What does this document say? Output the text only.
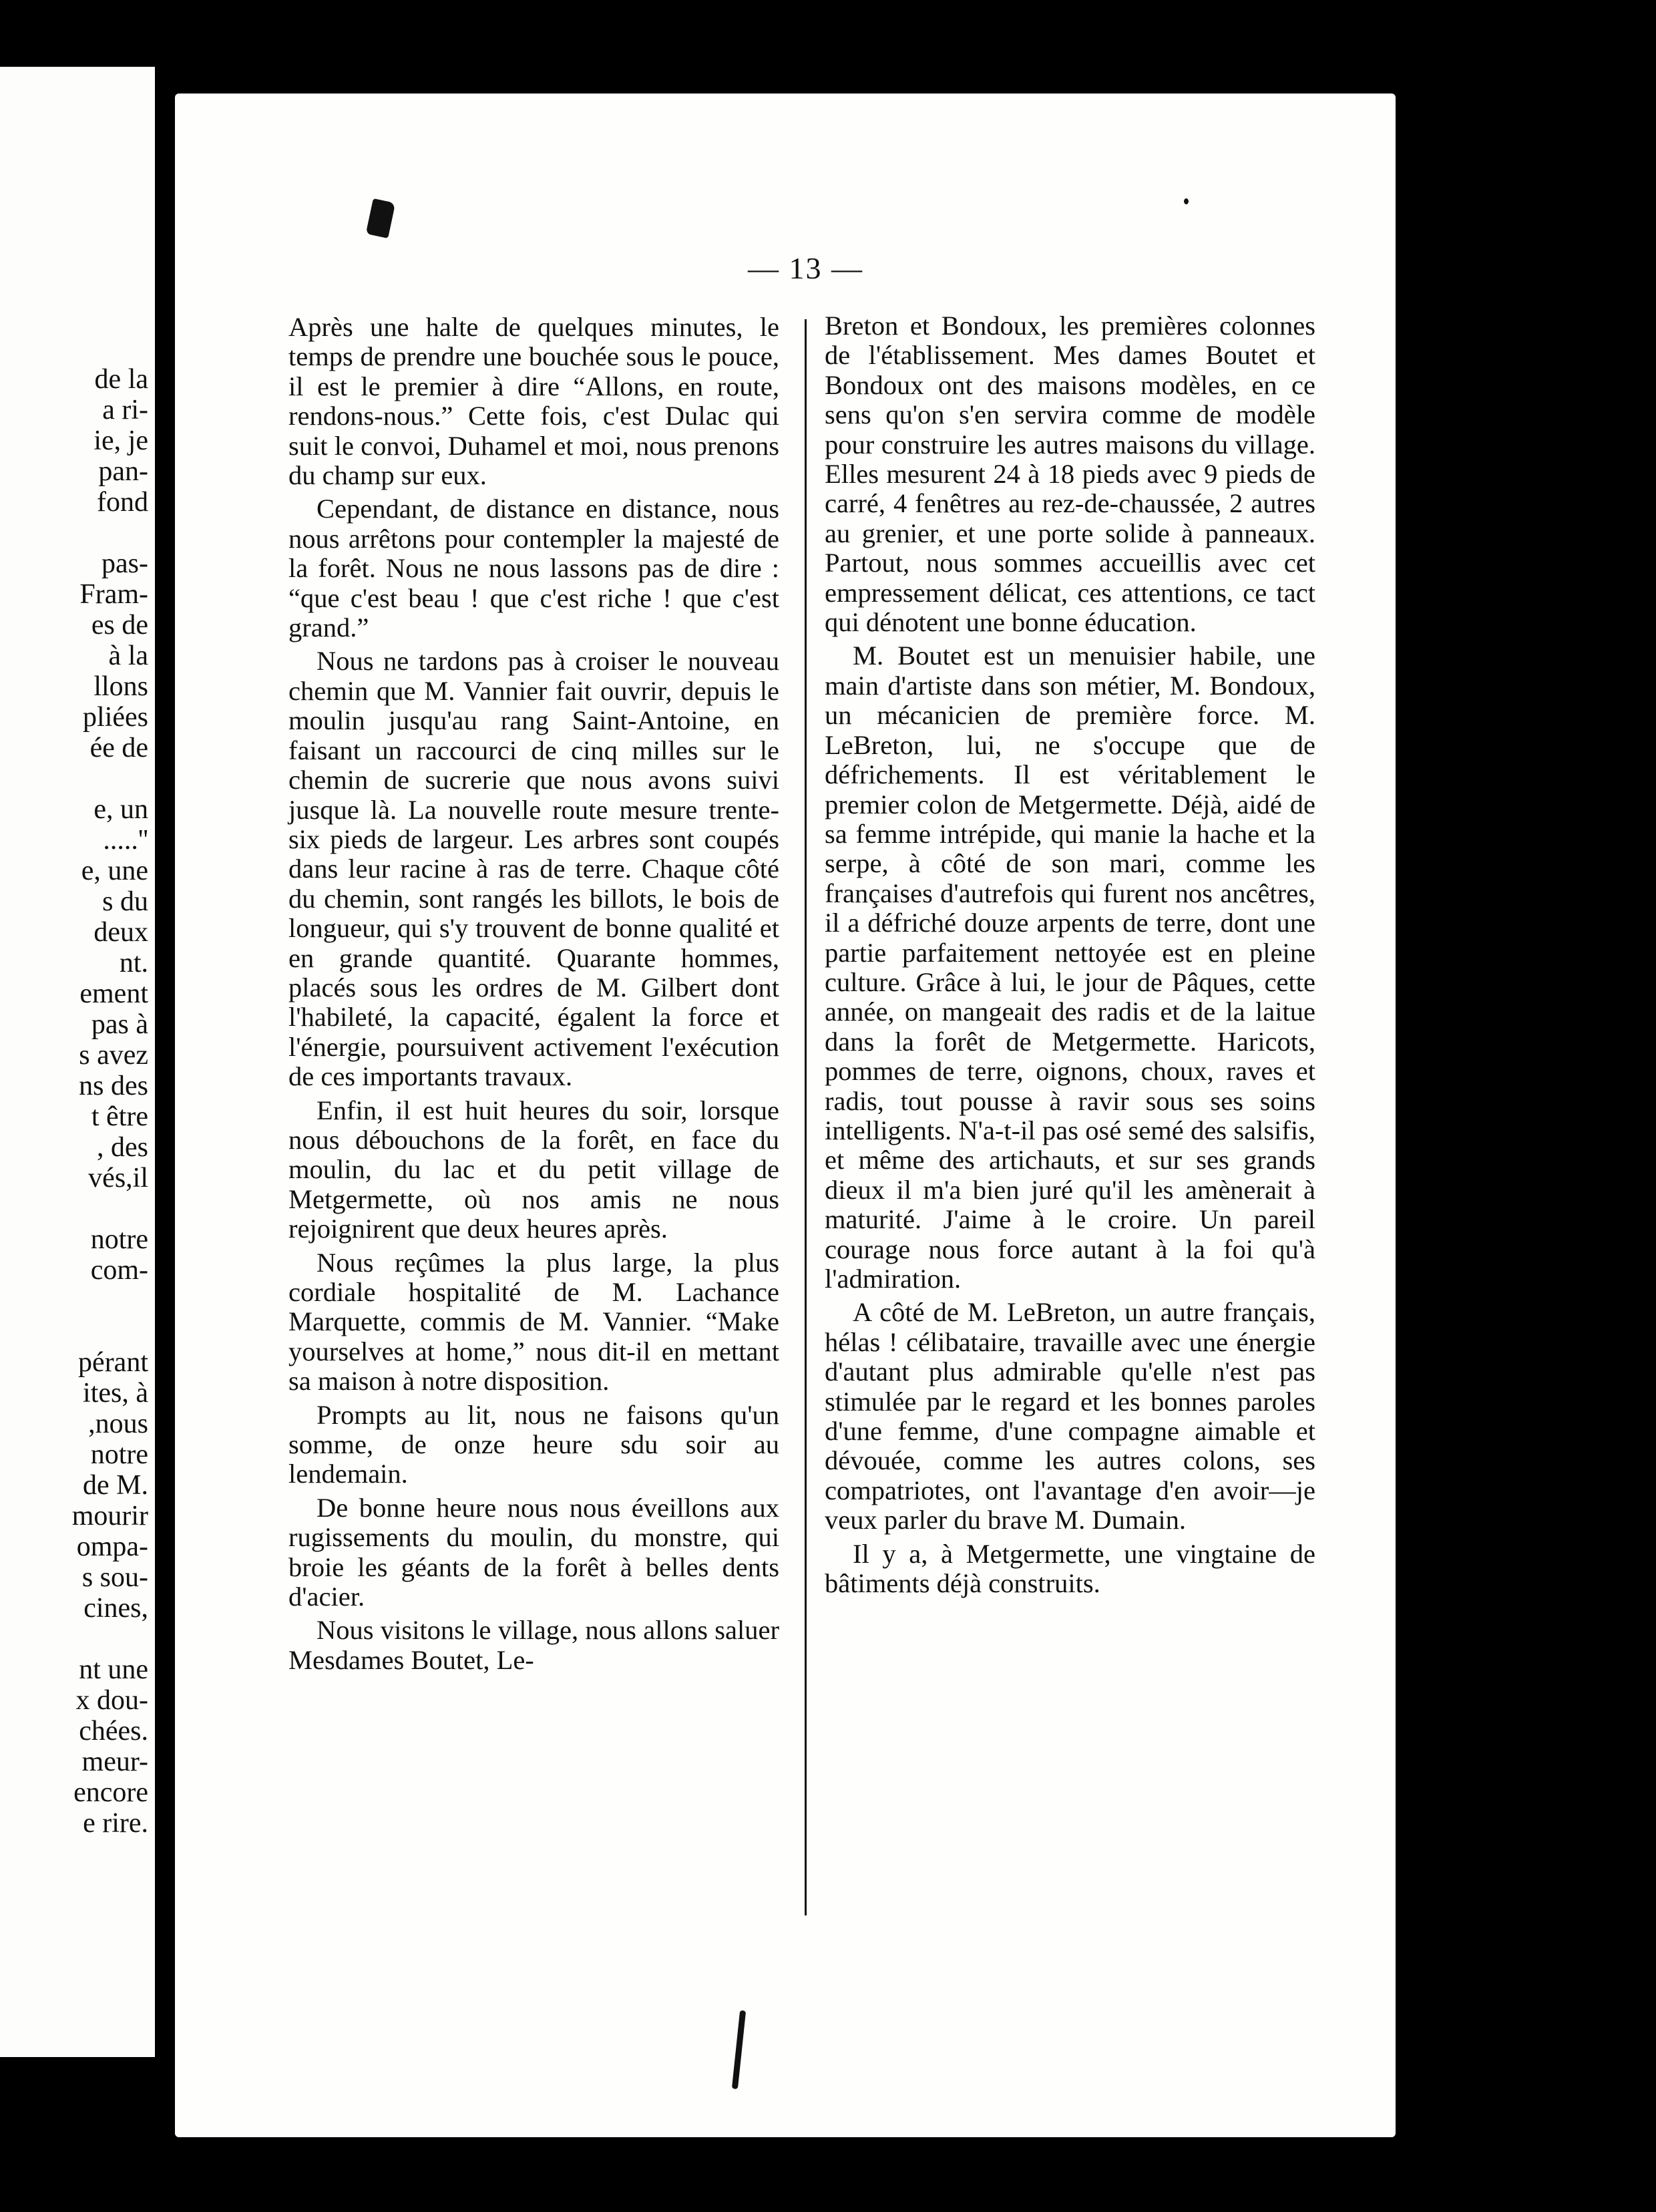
de la
a ri-
ie, je
pan-
fond

pas-
Fram-
es de
à la
llons
pliées
ée de

e, un
.....''
e, une
s du
deux
nt.
ement
pas à
s avez
ns des
t être
, des
vés,il

notre
com-

pérant
ites, à
,nous
notre
de M.
mourir
ompa-
s sou-
cines,

nt une
x dou-
chées.
meur-
encore
e rire.
— 13 —

Après une halte de quelques minutes, le temps de prendre une bouchée sous le pouce, il est le premier à dire “Allons, en route, rendons-nous.” Cette fois, c'est Dulac qui suit le convoi, Duhamel et moi, nous prenons du champ sur eux.

Cependant, de distance en distance, nous nous arrêtons pour contempler la majesté de la forêt. Nous ne nous lassons pas de dire : “que c'est beau ! que c'est riche ! que c'est grand.”

Nous ne tardons pas à croiser le nouveau chemin que M. Vannier fait ouvrir, depuis le moulin jusqu'au rang Saint-Antoine, en faisant un raccourci de cinq milles sur le chemin de sucrerie que nous avons suivi jusque là. La nouvelle route mesure trente-six pieds de largeur. Les arbres sont coupés dans leur racine à ras de terre. Chaque côté du chemin, sont rangés les billots, le bois de longueur, qui s'y trouvent de bonne qualité et en grande quantité. Quarante hommes, placés sous les ordres de M. Gilbert dont l'habileté, la capacité, égalent la force et l'énergie, poursuivent activement l'exécution de ces importants travaux.

Enfin, il est huit heures du soir, lorsque nous débouchons de la forêt, en face du moulin, du lac et du petit village de Metgermette, où nos amis ne nous rejoignirent que deux heures après.

Nous reçûmes la plus large, la plus cordiale hospitalité de M. Lachance Marquette, commis de M. Vannier. “Make yourselves at home,” nous dit-il en mettant sa maison à notre disposition.

Prompts au lit, nous ne faisons qu'un somme, de onze heure sdu soir au lendemain.

De bonne heure nous nous éveillons aux rugissements du moulin, du monstre, qui broie les géants de la forêt à belles dents d'acier.

Nous visitons le village, nous allons saluer Mesdames Boutet, Le-

Breton et Bondoux, les premières colonnes de l'établissement. Mes dames Boutet et Bondoux ont des maisons modèles, en ce sens qu'on s'en servira comme de modèle pour construire les autres maisons du village. Elles mesurent 24 à 18 pieds avec 9 pieds de carré, 4 fenêtres au rez-de-chaussée, 2 autres au grenier, et une porte solide à panneaux. Partout, nous sommes accueillis avec cet empressement délicat, ces attentions, ce tact qui dénotent une bonne éducation.

M. Boutet est un menuisier habile, une main d'artiste dans son métier, M. Bondoux, un mécanicien de première force. M. LeBreton, lui, ne s'occupe que de défrichements. Il est véritablement le premier colon de Metgermette. Déjà, aidé de sa femme intrépide, qui manie la hache et la serpe, à côté de son mari, comme les françaises d'autrefois qui furent nos ancêtres, il a défriché douze arpents de terre, dont une partie parfaitement nettoyée est en pleine culture. Grâce à lui, le jour de Pâques, cette année, on mangeait des radis et de la laitue dans la forêt de Metgermette. Haricots, pommes de terre, oignons, choux, raves et radis, tout pousse à ravir sous ses soins intelligents. N'a-t-il pas osé semé des salsifis, et même des artichauts, et sur ses grands dieux il m'a bien juré qu'il les amènerait à maturité. J'aime à le croire. Un pareil courage nous force autant à la foi qu'à l'admiration.

A côté de M. LeBreton, un autre français, hélas ! célibataire, travaille avec une énergie d'autant plus admirable qu'elle n'est pas stimulée par le regard et les bonnes paroles d'une femme, d'une compagne aimable et dévouée, comme les autres colons, ses compatriotes, ont l'avantage d'en avoir—je veux parler du brave M. Dumain.

Il y a, à Metgermette, une vingtaine de bâtiments déjà construits.
